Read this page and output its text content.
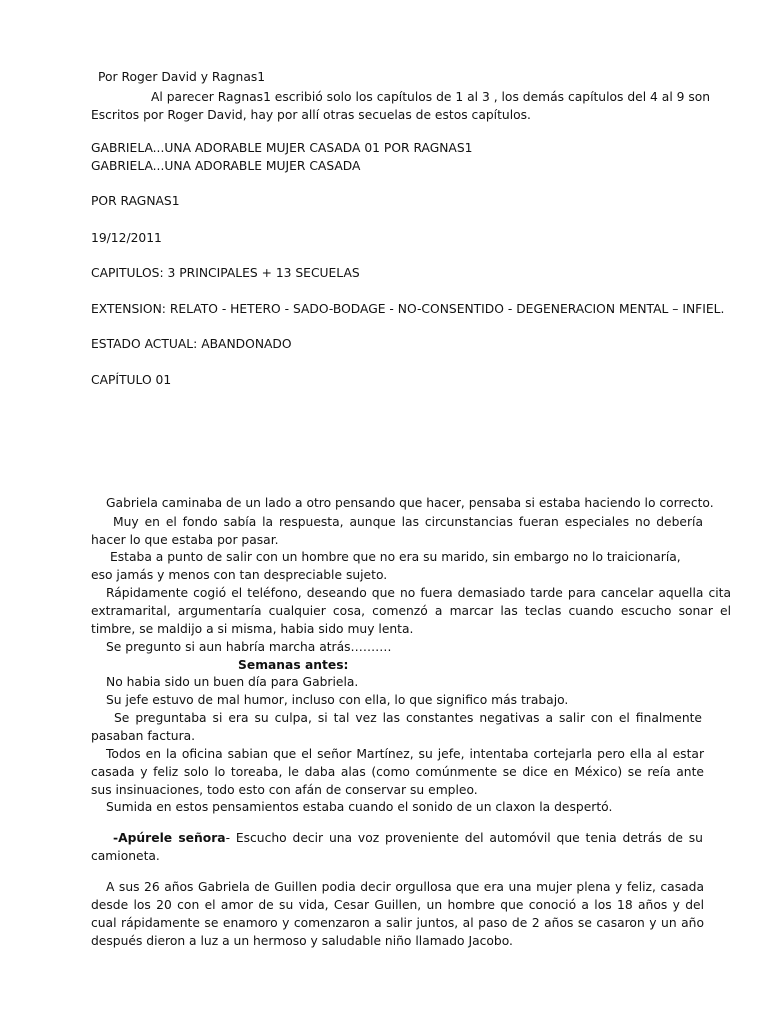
Por Roger David y Ragnas1
Al parecer Ragnas1 escribió solo los capítulos de 1 al 3 , los demás capítulos del 4 al 9 son
Escritos por Roger David, hay por allí otras secuelas de estos capítulos.
GABRIELA...UNA ADORABLE MUJER CASADA 01 POR RAGNAS1
GABRIELA...UNA ADORABLE MUJER CASADA
POR RAGNAS1
19/12/2011
CAPITULOS: 3 PRINCIPALES + 13 SECUELAS
EXTENSION: RELATO - HETERO - SADO-BODAGE - NO-CONSENTIDO - DEGENERACION MENTAL – INFIEL.
ESTADO ACTUAL: ABANDONADO
CAPÍTULO 01
Gabriela caminaba de un lado a otro pensando que hacer, pensaba si estaba haciendo lo correcto.
Muy en el fondo sabía la respuesta, aunque las circunstancias fueran especiales no debería
hacer lo que estaba por pasar.
Estaba a punto de salir con un hombre que no era su marido, sin embargo no lo traicionaría,
eso jamás y menos con tan despreciable sujeto.
Rápidamente cogió el teléfono, deseando que no fuera demasiado tarde para cancelar aquella cita
extramarital, argumentaría cualquier cosa, comenzó a marcar las teclas cuando escucho sonar el
timbre, se maldijo a si misma, habia sido muy lenta.
Se pregunto si aun habría marcha atrás……….
Semanas antes:
No habia sido un buen día para Gabriela.
Su jefe estuvo de mal humor, incluso con ella, lo que significo más trabajo.
Se preguntaba si era su culpa, si tal vez las constantes negativas a salir con el finalmente
pasaban factura.
Todos en la oficina sabian que el señor Martínez, su jefe, intentaba cortejarla pero ella al estar
casada y feliz solo lo toreaba, le daba alas (como comúnmente se dice en México) se reía ante
sus insinuaciones, todo esto con afán de conservar su empleo.
Sumida en estos pensamientos estaba cuando el sonido de un claxon la despertó.
-Apúrele señora- Escucho decir una voz proveniente del automóvil que tenia detrás de su
camioneta.
A sus 26 años Gabriela de Guillen podia decir orgullosa que era una mujer plena y feliz, casada
desde los 20 con el amor de su vida, Cesar Guillen, un hombre que conoció a los 18 años y del
cual rápidamente se enamoro y comenzaron a salir juntos, al paso de 2 años se casaron y un año
después dieron a luz a un hermoso y saludable niño llamado Jacobo.
